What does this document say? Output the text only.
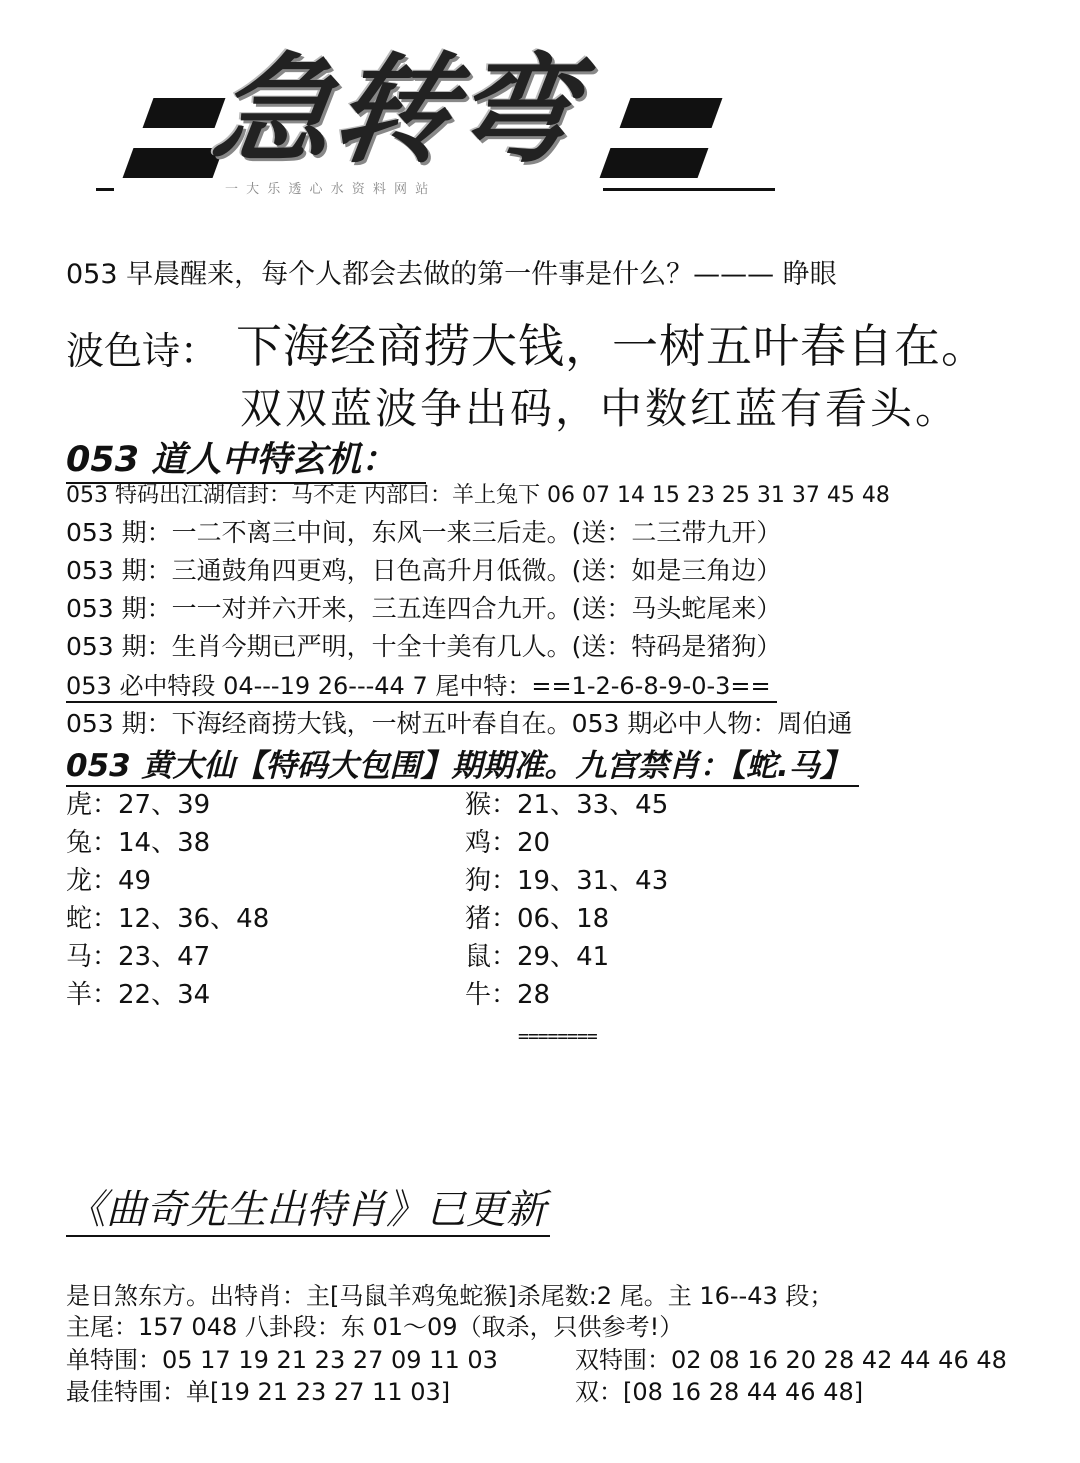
急转弯
一 大 乐 透 心 水 资 料 网 站
053 早晨醒来，每个人都会去做的第一件事是什么？——— 睁眼
波色诗： 下海经商捞大钱，一树五叶春自在。
双双蓝波争出码，中数红蓝有看头。
053 道人中特玄机：
053 特码出江湖信封：马不走 内部曰：羊上兔下 06 07 14 15 23 25 31 37 45 48
053 期：一二不离三中间，东风一来三后走。(送：二三带九开）
053 期：三通鼓角四更鸡，日色高升月低微。(送：如是三角边）
053 期：一一对并六开来，三五连四合九开。(送：马头蛇尾来）
053 期：生肖今期已严明，十全十美有几人。(送：特码是猪狗）
053 必中特段 04---19 26---44 7 尾中特：==1-2-6-8-9-0-3==
053 期：下海经商捞大钱，一树五叶春自在。053 期必中人物：周伯通
053 黄大仙【特码大包围】期期准。九宫禁肖：【蛇.马】
虎：27、39
兔：14、38
龙：49
蛇：12、36、48
马：23、47
羊：22、34
猴：21、33、45
鸡：20
狗：19、31、43
猪：06、18
鼠：29、41
牛：28
========
《曲奇先生出特肖》已更新
是日煞东方。出特肖：主[马鼠羊鸡兔蛇猴]杀尾数:2 尾。主 16--43 段；
主尾：157 048 八卦段：东 01～09（取杀，只供参考!）
单特围：05 17 19 21 23 27 09 11 03	双特围：02 08 16 20 28 42 44 46 48
最佳特围：单[19 21 23 27 11 03]	双：[08 16 28 44 46 48]
